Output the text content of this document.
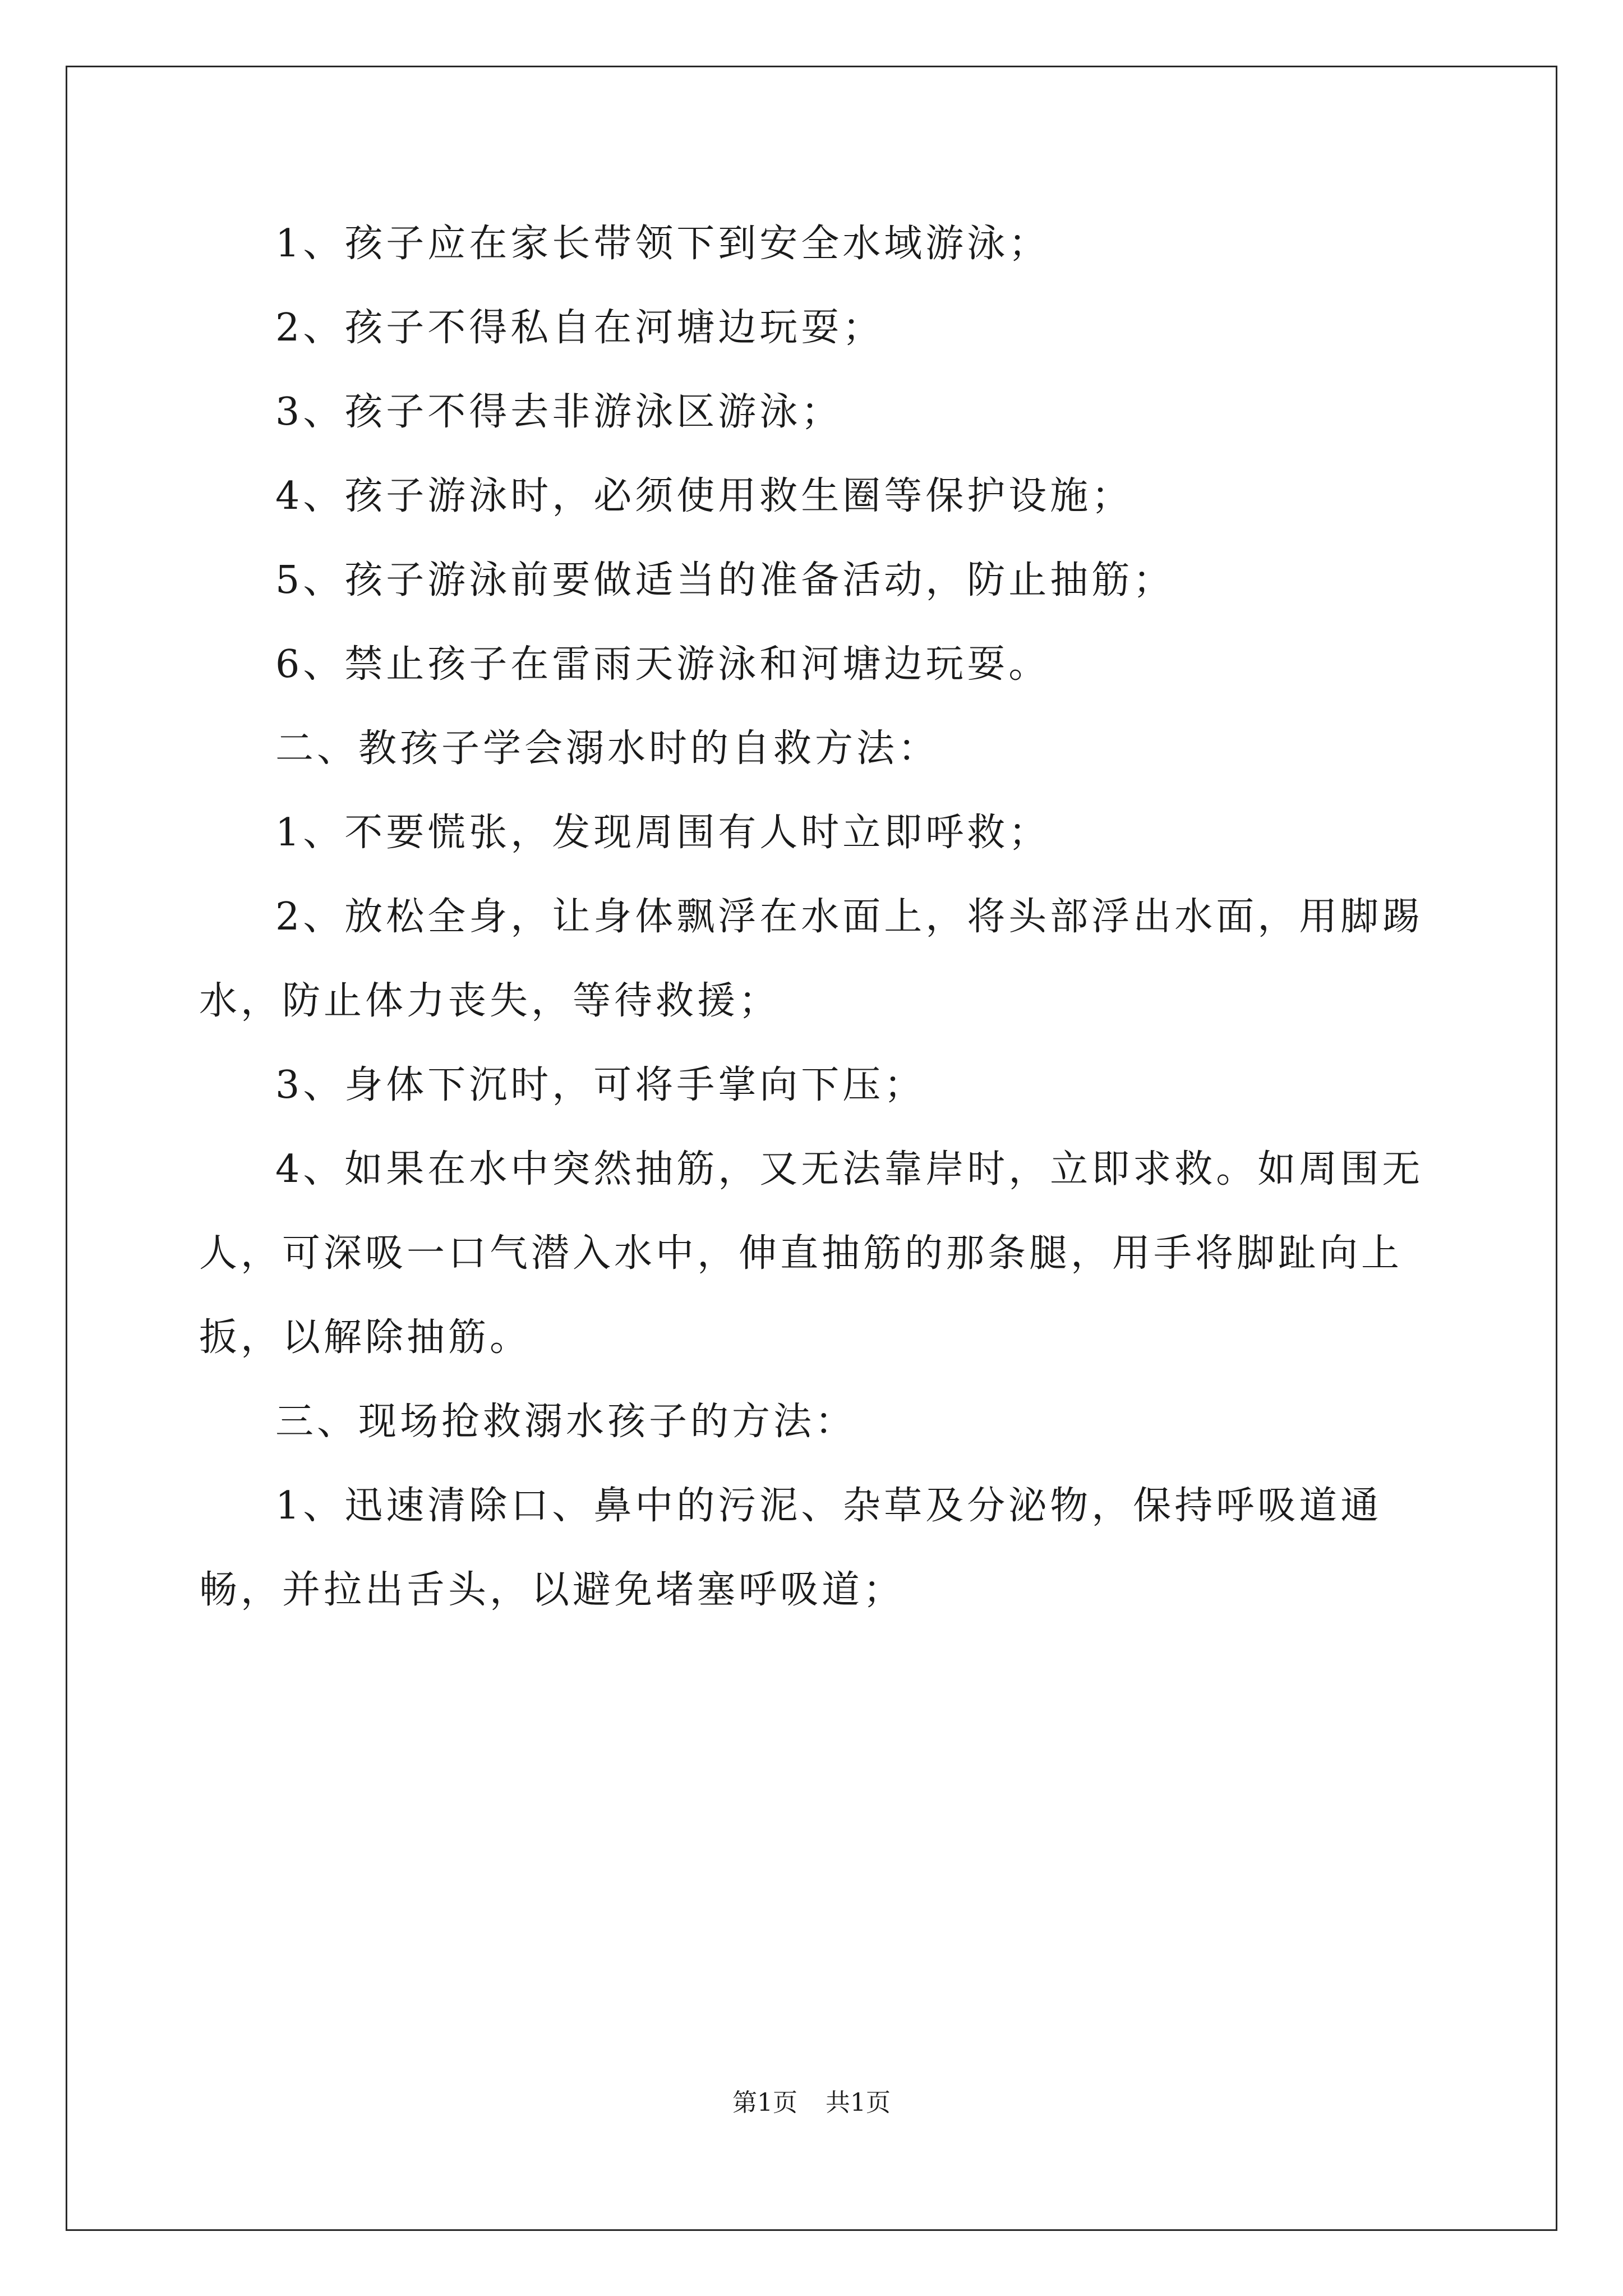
1、孩子应在家长带领下到安全水域游泳；

2、孩子不得私自在河塘边玩耍；

3、孩子不得去非游泳区游泳；

4、孩子游泳时，必须使用救生圈等保护设施；

5、孩子游泳前要做适当的准备活动，防止抽筋；

6、禁止孩子在雷雨天游泳和河塘边玩耍。

二、教孩子学会溺水时的自救方法：

1、不要慌张，发现周围有人时立即呼救；

2、放松全身，让身体飘浮在水面上，将头部浮出水面，用脚踢水，防止体力丧失，等待救援；

3、身体下沉时，可将手掌向下压；

4、如果在水中突然抽筋，又无法靠岸时，立即求救。如周围无人，可深吸一口气潜入水中，伸直抽筋的那条腿，用手将脚趾向上扳，以解除抽筋。

三、现场抢救溺水孩子的方法：

1、迅速清除口、鼻中的污泥、杂草及分泌物，保持呼吸道通畅，并拉出舌头，以避免堵塞呼吸道；

第1页 共1页
